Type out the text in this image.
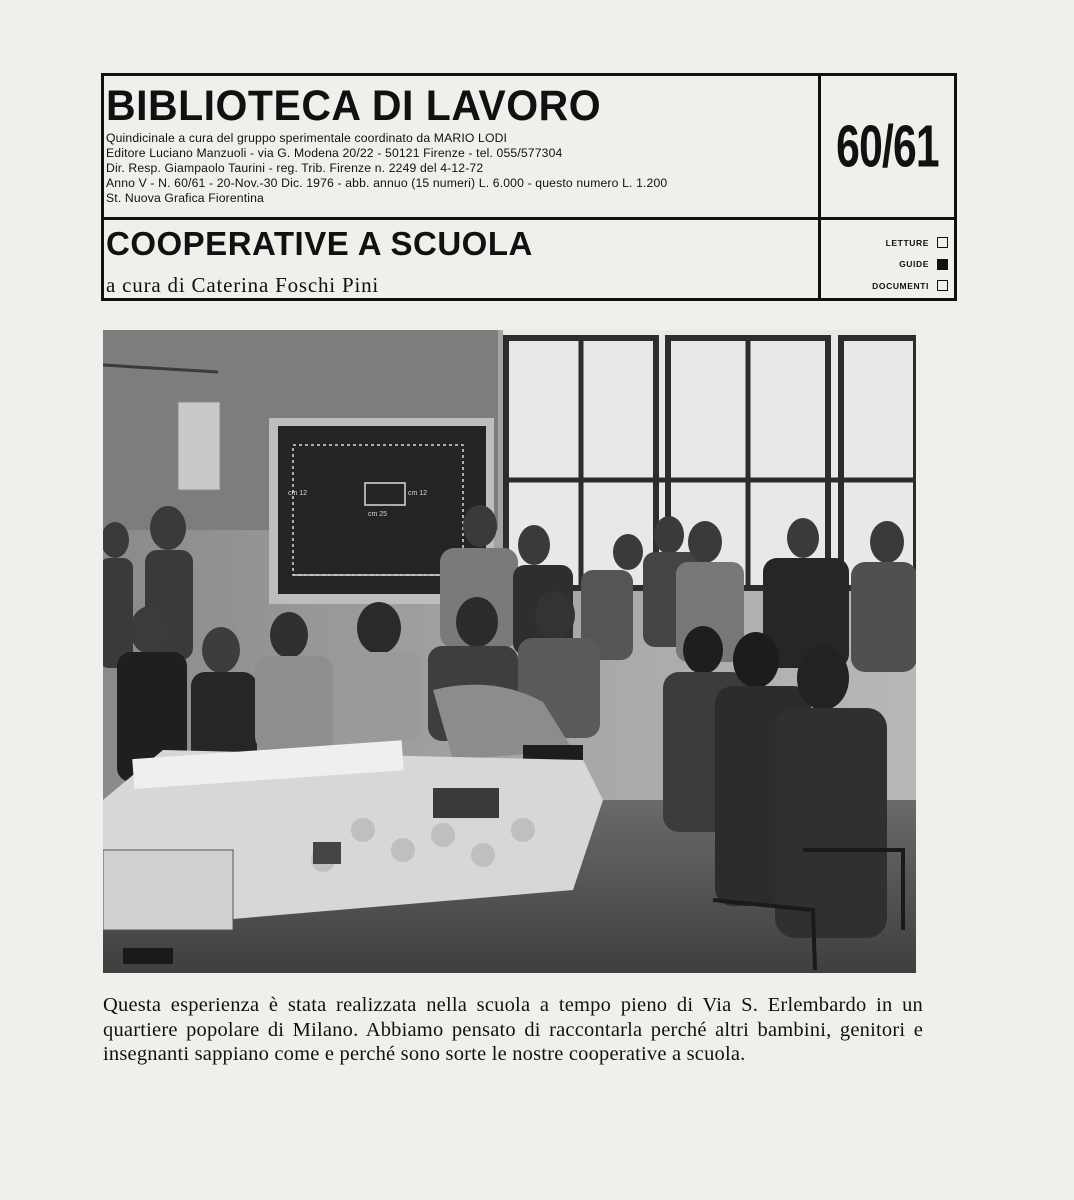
BIBLIOTECA DI LAVORO
Quindicinale a cura del gruppo sperimentale coordinato da MARIO LODI
Editore Luciano Manzuoli - via G. Modena 20/22 - 50121 Firenze - tel. 055/577304
Dir. Resp. Giampaolo Taurini - reg. Trib. Firenze n. 2249 del 4-12-72
Anno V - N. 60/61 - 20-Nov.-30 Dic. 1976 - abb. annuo (15 numeri) L. 6.000 - questo numero L. 1.200
St. Nuova Grafica Fiorentina
60/61
COOPERATIVE A SCUOLA
a cura di Caterina Foschi Pini
LETTURE
GUIDE
DOCUMENTI
cm 12	cm 12
cm 25
Questa esperienza è stata realizzata nella scuola a tempo pieno di Via S. Erlembardo in un quartiere popolare di Milano. Abbiamo pensato di raccontarla perché altri bambini, genitori e insegnanti sappiano come e perché sono sorte le nostre cooperative a scuola.
